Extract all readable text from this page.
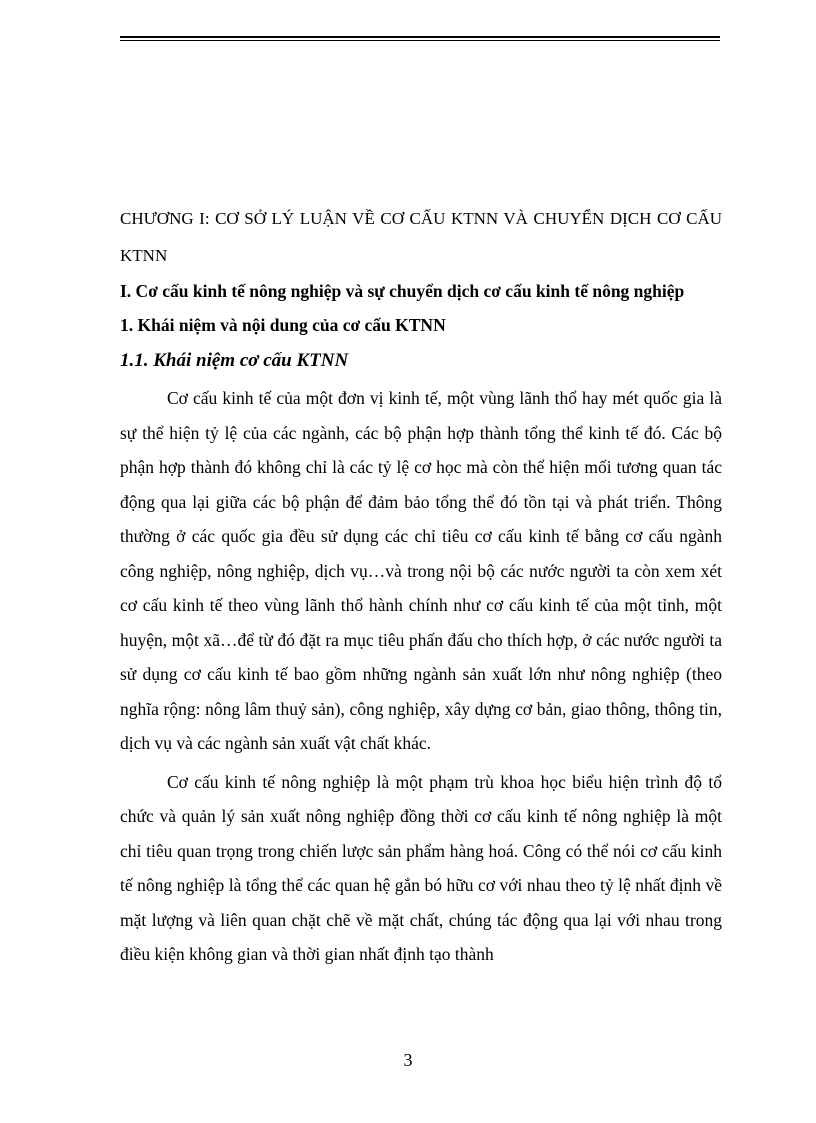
CHƯƠNG I: CƠ SỞ LÝ LUẬN VỀ CƠ CẤU KTNN VÀ CHUYỂN DỊCH CƠ CẤU KTNN

I. Cơ cấu kinh tế nông nghiệp và sự chuyển dịch cơ cấu kinh tế nông nghiệp

1. Khái niệm và nội dung của cơ cấu KTNN

1.1. Khái niệm cơ cấu KTNN

Cơ cấu kinh tế của một đơn vị kinh tế, một vùng lãnh thổ hay mét quốc gia là sự thể hiện tỷ lệ của các ngành, các bộ phận hợp thành tổng thể kinh tế đó. Các bộ phận hợp thành đó không chỉ là các tỷ lệ cơ học mà còn thể hiện mối tương quan tác động qua lại giữa các bộ phận để đảm bảo tổng thể đó tồn tại và phát triển. Thông thường ở các quốc gia đều sử dụng các chỉ tiêu cơ cấu kinh tế bằng cơ cấu ngành công nghiệp, nông nghiệp, dịch vụ…và trong nội bộ các nước người ta còn xem xét cơ cấu kinh tế theo vùng lãnh thổ hành chính như cơ cấu kinh tế của một tỉnh, một huyện, một xã…để từ đó đặt ra mục tiêu phấn đấu cho thích hợp, ở các nước người ta sử dụng cơ cấu kinh tế bao gồm những ngành sản xuất lớn như nông nghiệp (theo nghĩa rộng: nông lâm thuỷ sản), công nghiệp, xây dựng cơ bản, giao thông, thông tin, dịch vụ và các ngành sản xuất vật chất khác.

Cơ cấu kinh tế nông nghiệp là một phạm trù khoa học biểu hiện trình độ tổ chức và quản lý sản xuất nông nghiệp đồng thời cơ cấu kinh tế nông nghiệp là một chỉ tiêu quan trọng trong chiến lược sản phẩm hàng hoá. Công có thể nói cơ cấu kinh tế nông nghiệp là tổng thể các quan hệ gắn bó hữu cơ với nhau theo tỷ lệ nhất định về mặt lượng và liên quan chặt chẽ về mặt chất, chúng tác động qua lại với nhau trong điều kiện không gian và thời gian nhất định tạo thành

3
